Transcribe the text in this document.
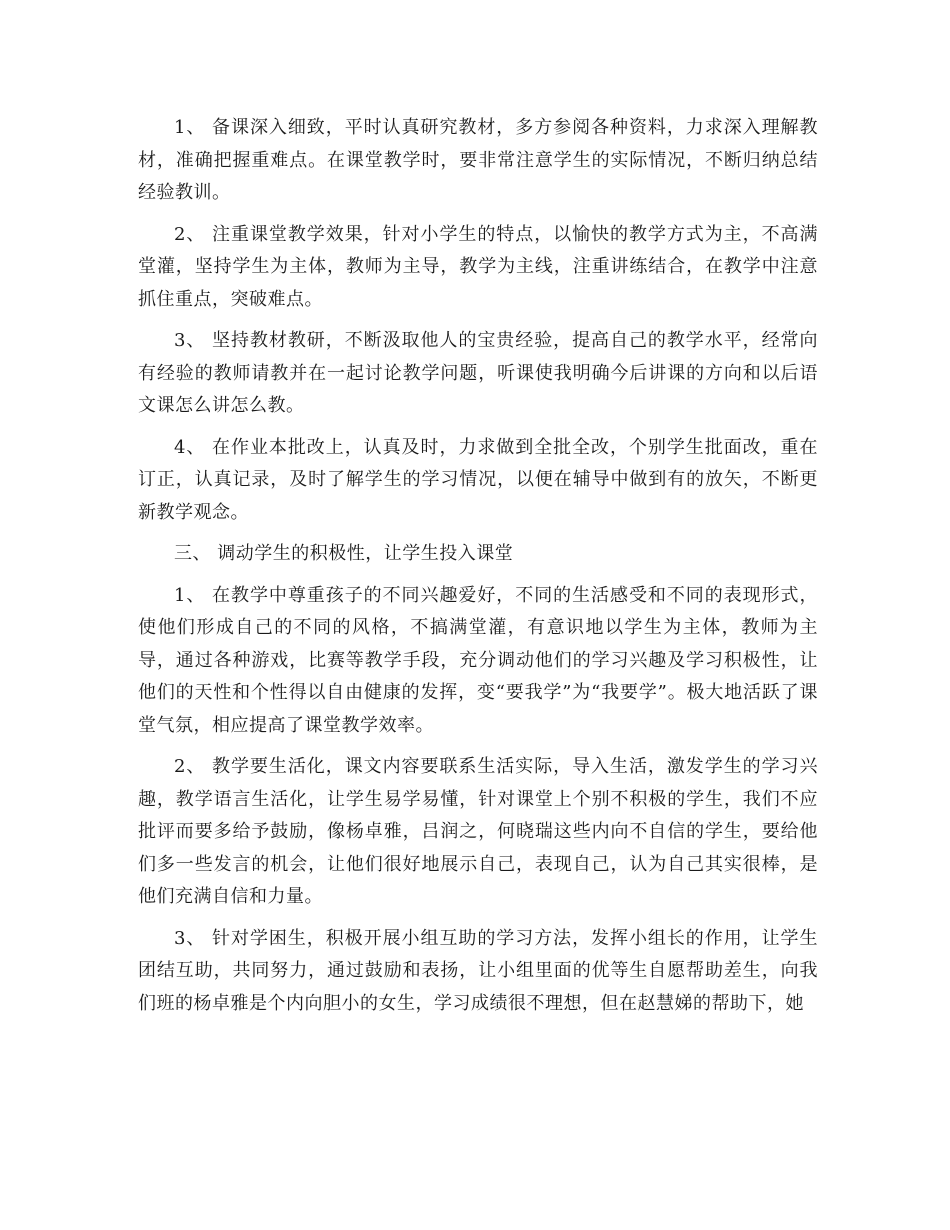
1、 备课深入细致，平时认真研究教材，多方参阅各种资料，力求深入理解教材，准确把握重难点。在课堂教学时，要非常注意学生的实际情况，不断归纳总结经验教训。

2、 注重课堂教学效果，针对小学生的特点，以愉快的教学方式为主，不高满堂灌，坚持学生为主体，教师为主导，教学为主线，注重讲练结合，在教学中注意抓住重点，突破难点。

3、 坚持教材教研，不断汲取他人的宝贵经验，提高自己的教学水平，经常向有经验的教师请教并在一起讨论教学问题，听课使我明确今后讲课的方向和以后语文课怎么讲怎么教。

4、 在作业本批改上，认真及时，力求做到全批全改，个别学生批面改，重在订正，认真记录，及时了解学生的学习情况，以便在辅导中做到有的放矢，不断更新教学观念。

三、 调动学生的积极性，让学生投入课堂

1、 在教学中尊重孩子的不同兴趣爱好，不同的生活感受和不同的表现形式，使他们形成自己的不同的风格，不搞满堂灌，有意识地以学生为主体，教师为主导，通过各种游戏，比赛等教学手段，充分调动他们的学习兴趣及学习积极性，让他们的天性和个性得以自由健康的发挥，变“要我学”为“我要学”。极大地活跃了课堂气氛，相应提高了课堂教学效率。

2、 教学要生活化，课文内容要联系生活实际，导入生活，激发学生的学习兴趣，教学语言生活化，让学生易学易懂，针对课堂上个别不积极的学生，我们不应批评而要多给予鼓励，像杨卓雅，吕润之，何晓瑞这些内向不自信的学生，要给他们多一些发言的机会，让他们很好地展示自己，表现自己，认为自己其实很棒，是他们充满自信和力量。

3、 针对学困生，积极开展小组互助的学习方法，发挥小组长的作用，让学生团结互助，共同努力，通过鼓励和表扬，让小组里面的优等生自愿帮助差生，向我们班的杨卓雅是个内向胆小的女生，学习成绩很不理想，但在赵慧娣的帮助下，她
